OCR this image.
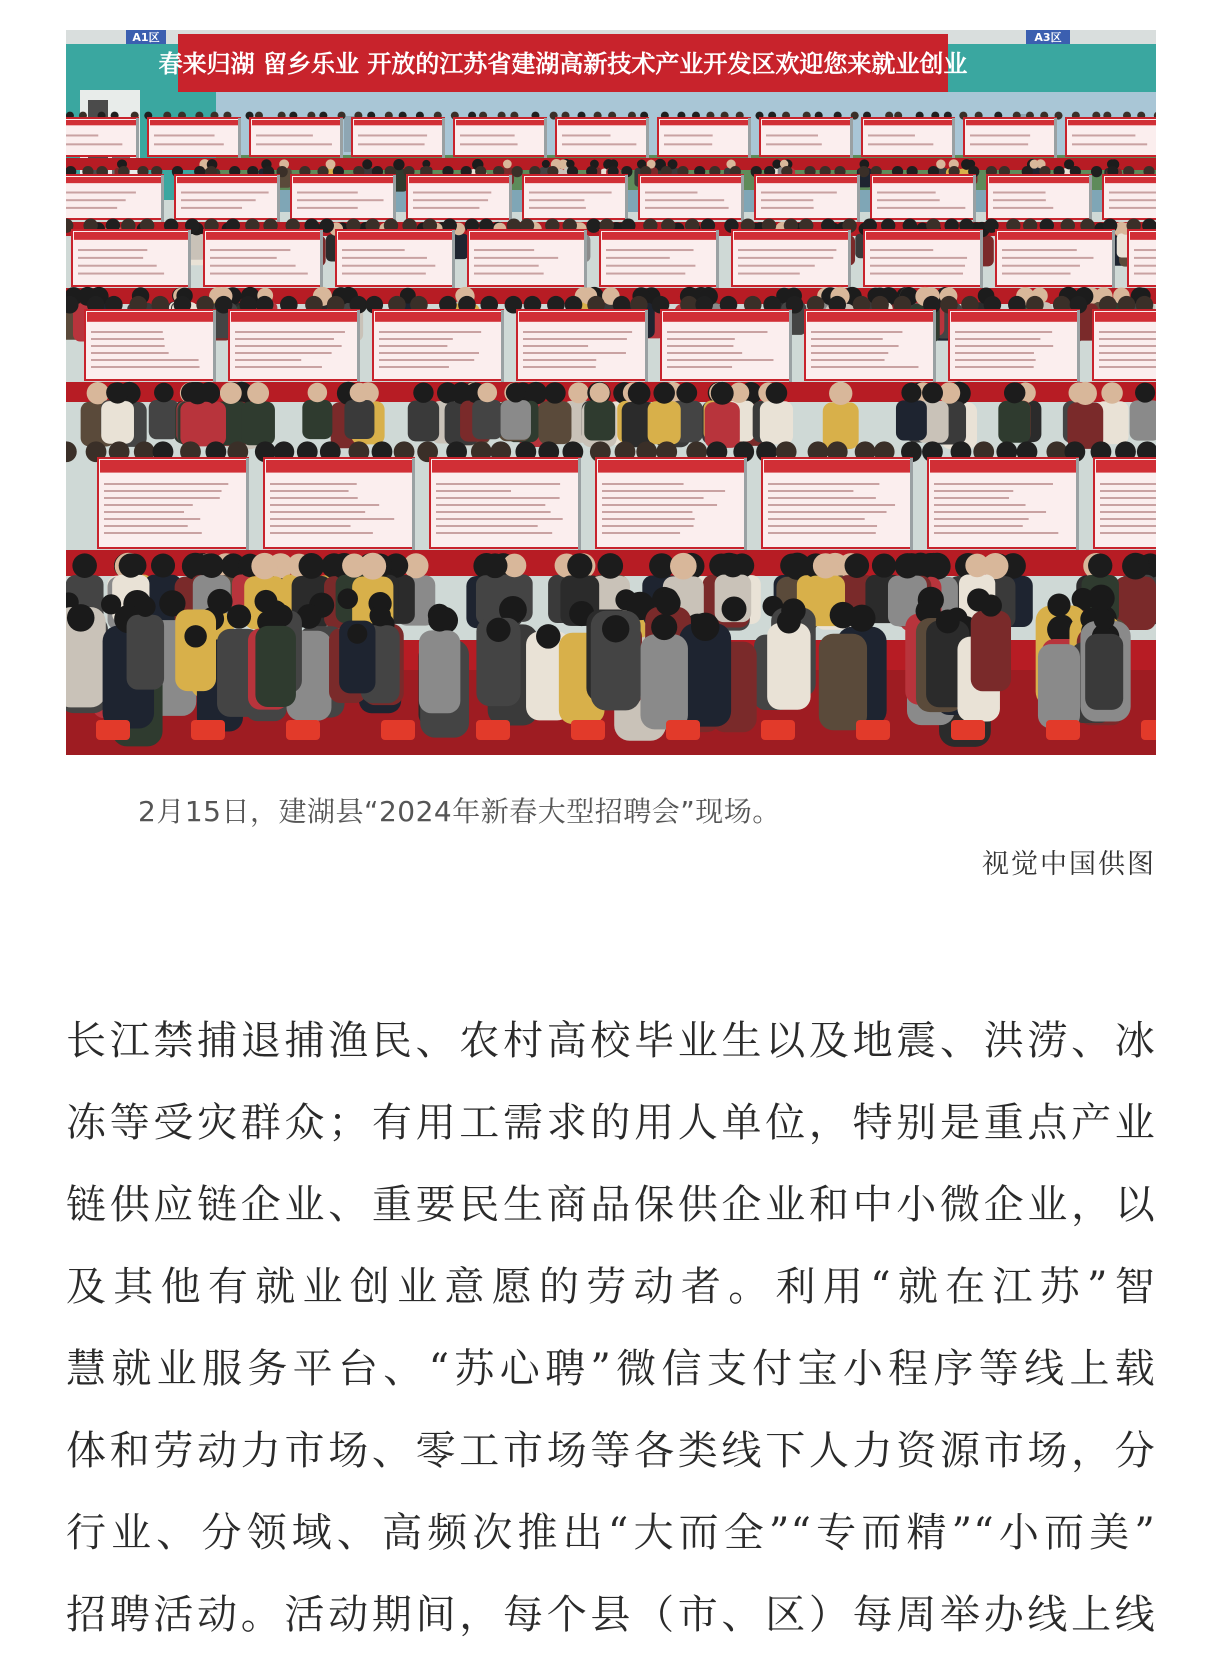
A1区	A3区
春来归湖 留乡乐业 开放的江苏省建湖高新技术产业开发区欢迎您来就业创业
2月15日，建湖县“2024年新春大型招聘会”现场。
视觉中国供图
长江禁捕退捕渔民、农村高校毕业生以及地震、洪涝、冰
冻等受灾群众；有用工需求的用人单位，特别是重点产业
链供应链企业、重要民生商品保供企业和中小微企业，以
及其他有就业创业意愿的劳动者。利用“就在江苏”智
慧就业服务平台、“苏心聘”微信支付宝小程序等线上载
体和劳动力市场、零工市场等各类线下人力资源市场，分
行业、分领域、高频次推出“大而全”“专而精”“小而美”
招聘活动。活动期间，每个县（市、区）每周举办线上线
